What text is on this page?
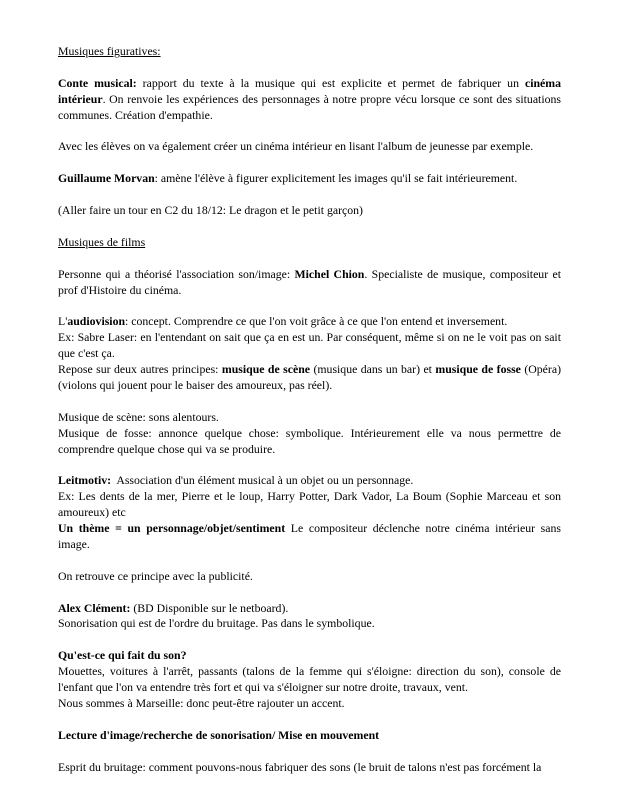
Musiques figuratives:
Conte musical: rapport du texte à la musique qui est explicite et permet de fabriquer un cinéma intérieur. On renvoie les expériences des personnages à notre propre vécu lorsque ce sont des situations communes. Création d'empathie.
Avec les élèves on va également créer un cinéma intérieur en lisant l'album de jeunesse par exemple.
Guillaume Morvan: amène l'élève à figurer explicitement les images qu'il se fait intérieurement.
(Aller faire un tour en C2 du 18/12: Le dragon et le petit garçon)
Musiques de films
Personne qui a théorisé l'association son/image: Michel Chion. Specialiste de musique, compositeur et prof d'Histoire du cinéma.
L'audiovision: concept. Comprendre ce que l'on voit grâce à ce que l'on entend et inversement.
Ex: Sabre Laser: en l'entendant on sait que ça en est un. Par conséquent, même si on ne le voit pas on sait que c'est ça.
Repose sur deux autres principes: musique de scène (musique dans un bar) et musique de fosse (Opéra) (violons qui jouent pour le baiser des amoureux, pas réel).
Musique de scène: sons alentours.
Musique de fosse: annonce quelque chose: symbolique. Intérieurement elle va nous permettre de comprendre quelque chose qui va se produire.
Leitmotiv:  Association d'un élément musical à un objet ou un personnage.
Ex: Les dents de la mer, Pierre et le loup, Harry Potter, Dark Vador, La Boum (Sophie Marceau et son amoureux) etc
Un thème = un personnage/objet/sentiment Le compositeur déclenche notre cinéma intérieur sans image.
On retrouve ce principe avec la publicité.
Alex Clément: (BD Disponible sur le netboard).
Sonorisation qui est de l'ordre du bruitage. Pas dans le symbolique.
Qu'est-ce qui fait du son?
Mouettes, voitures à l'arrêt, passants (talons de la femme qui s'éloigne: direction du son), console de l'enfant que l'on va entendre très fort et qui va s'éloigner sur notre droite, travaux, vent.
Nous sommes à Marseille: donc peut-être rajouter un accent.
Lecture d'image/recherche de sonorisation/ Mise en mouvement
Esprit du bruitage: comment pouvons-nous fabriquer des sons (le bruit de talons n'est pas forcément la
